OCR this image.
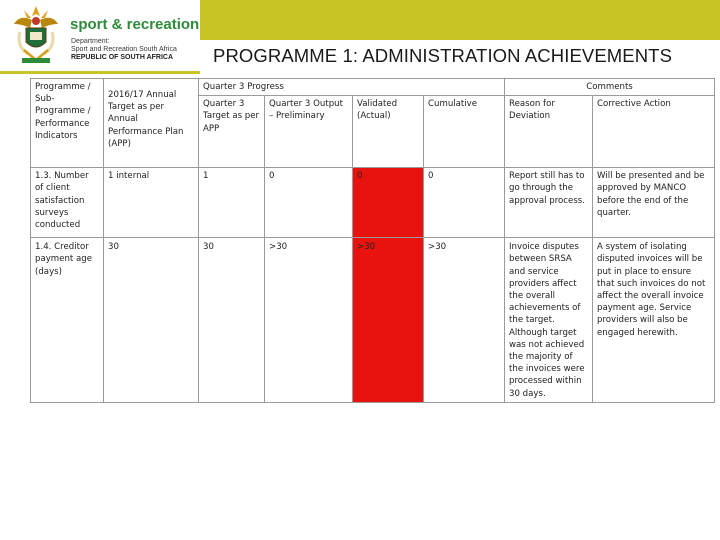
sport & recreation
Department:
Sport and Recreation South Africa
REPUBLIC OF SOUTH AFRICA PROGRAMME 1: ADMINISTRATION ACHIEVEMENTS
Programme / Sub-Programme / Performance Indicators	2016/17 Annual Target as per Annual Performance Plan (APP)	Quarter 3 Progress				Comments	
		Quarter 3 Target as per APP	Quarter 3 Output – Preliminary	Validated (Actual)	Cumulative	Reason for Deviation	Corrective Action
1.3. Number of client satisfaction surveys conducted	1 internal	1	0	0	0	Report still has to go through the approval process.	Will be presented and be approved by MANCO before the end of the quarter.
1.4. Creditor payment age (days)	30	30	>30	>30	>30	Invoice disputes between SRSA and service providers affect the overall achievements of the target. Although target was not achieved the majority of the invoices were processed within 30 days.	A system of isolating disputed invoices will be put in place to ensure that such invoices do not affect the overall invoice payment age. Service providers will also be engaged herewith.
